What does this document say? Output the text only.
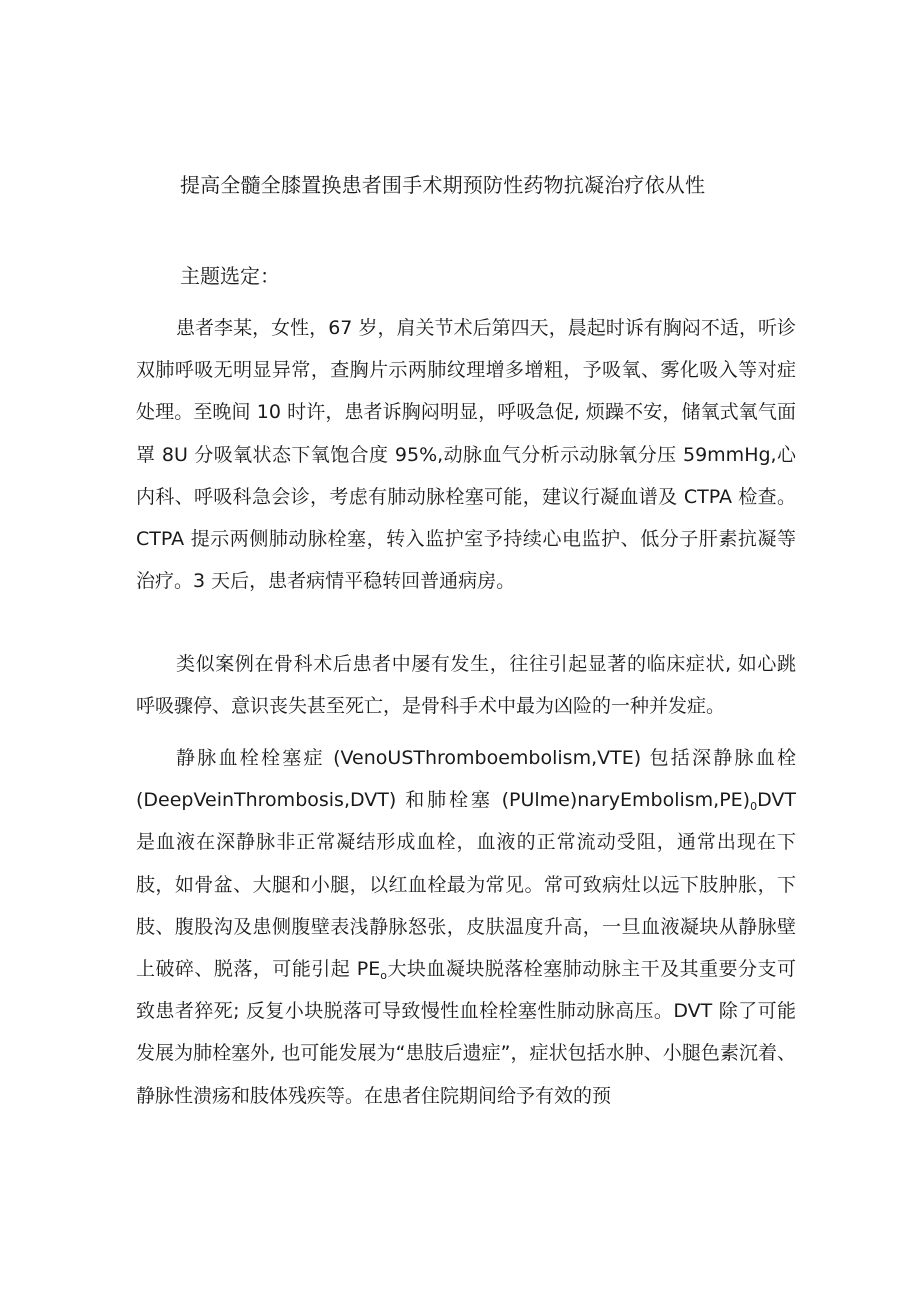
提高全髓全膝置换患者围手术期预防性药物抗凝治疗依从性
主题选定：

患者李某，女性，67 岁，肩关节术后第四天，晨起时诉有胸闷不适，听诊双肺呼吸无明显异常，查胸片示两肺纹理增多增粗，予吸氧、雾化吸入等对症处理。至晚间 10 时许，患者诉胸闷明显，呼吸急促, 烦躁不安，储氧式氧气面罩 8U 分吸氧状态下氧饱合度 95%,动脉血气分析示动脉氧分压 59mmHg,心内科、呼吸科急会诊，考虑有肺动脉栓塞可能，建议行凝血谱及 CTPA 检查。CTPA 提示两侧肺动脉栓塞，转入监护室予持续心电监护、低分子肝素抗凝等治疗。3 天后，患者病情平稳转回普通病房。

类似案例在骨科术后患者中屡有发生，往往引起显著的临床症状, 如心跳呼吸骤停、意识丧失甚至死亡，是骨科手术中最为凶险的一种并发症。

静脉血栓栓塞症 (VenoUSThromboembolism,VTE) 包括深静脉血栓 (DeepVeinThrombosis,DVT) 和肺栓塞 $(PUlme)naryEmbolism,PE)_0DVT$ 是血液在深静脉非正常凝结形成血栓，血液的正常流动受阻，通常出现在下肢，如骨盆、大腿和小腿，以红血栓最为常见。常可致病灶以远下肢肿胀，下肢、腹股沟及患侧腹壁表浅静脉怒张，皮肤温度升高，一旦血液凝块从静脉壁上破碎、脱落，可能引起 $PE_o$大块血凝块脱落栓塞肺动脉主干及其重要分支可致患者猝死; 反复小块脱落可导致慢性血栓栓塞性肺动脉高压。DVT 除了可能发展为肺栓塞外, 也可能发展为“患肢后遗症”，症状包括水肿、小腿色素沉着、静脉性溃疡和肢体残疾等。在患者住院期间给予有效的预
